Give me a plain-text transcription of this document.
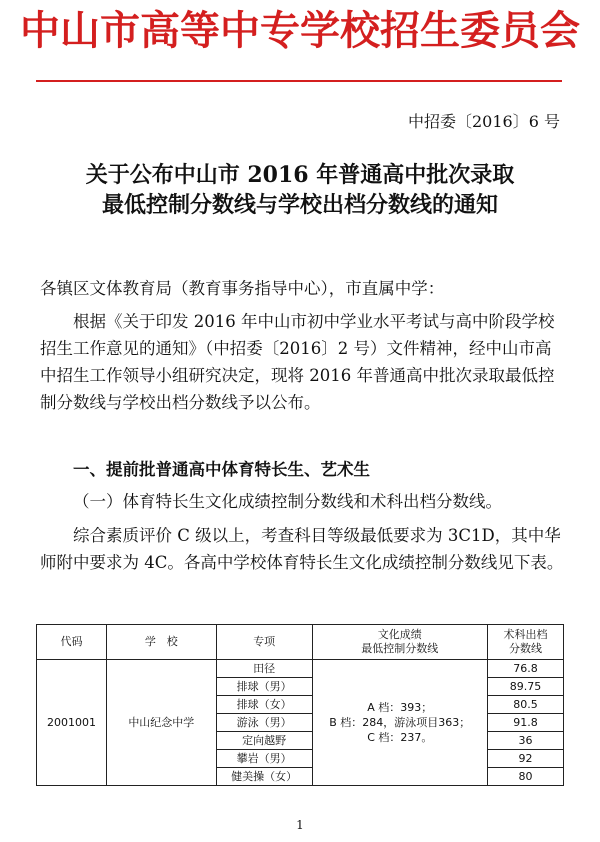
中山市高等中专学校招生委员会
中招委〔2016〕6 号
关于公布中山市 2016 年普通高中批次录取
最低控制分数线与学校出档分数线的通知

各镇区文体教育局（教育事务指导中心），市直属中学：

根据《关于印发 2016 年中山市初中学业水平考试与高中阶段学校招生工作意见的通知》（中招委〔2016〕2 号）文件精神，经中山市高中招生工作领导小组研究决定，现将 2016 年普通高中批次录取最低控制分数线与学校出档分数线予以公布。

一、提前批普通高中体育特长生、艺术生

（一）体育特长生文化成绩控制分数线和术科出档分数线。

综合素质评价 C 级以上，考查科目等级最低要求为 3C1D，其中华师附中要求为 4C。各高中学校体育特长生文化成绩控制分数线见下表。

代码	学　校	专项	文化成绩
最低控制分数线	术科出档
分数线
2001001	中山纪念中学	田径	A 档：393；
B 档：284，游泳项目363；
C 档：237。	76.8
		排球（男）		89.75
		排球（女）		80.5
		游泳（男）		91.8
		定向越野		36
		攀岩（男）		92
		健美操（女）		80
1
